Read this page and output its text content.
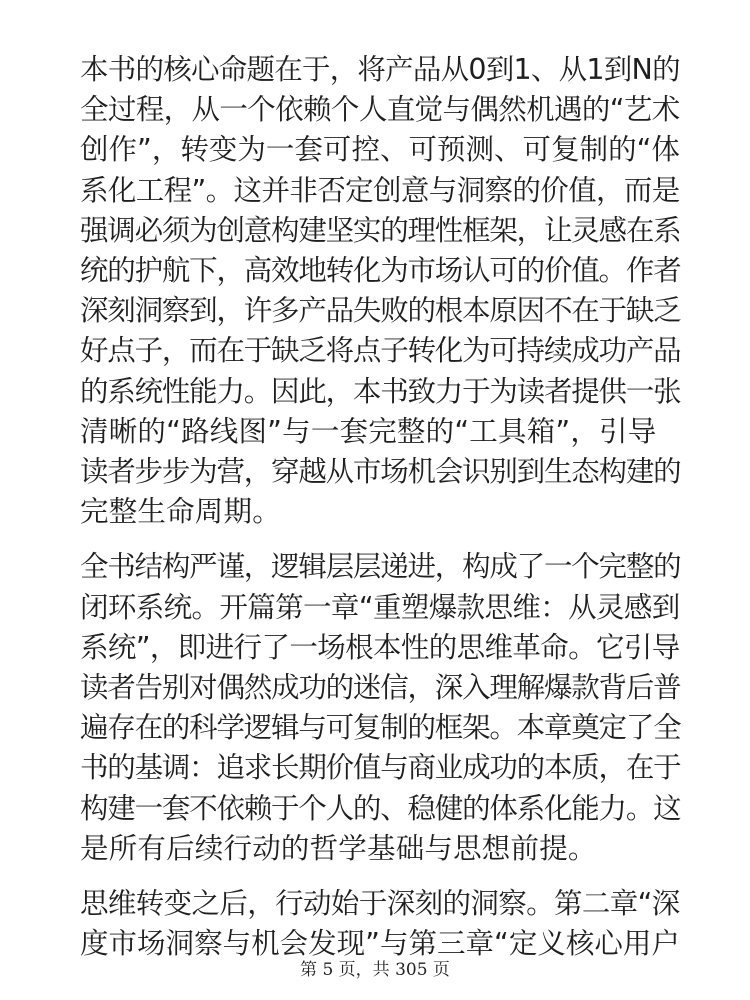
本书的核心命题在于，将产品从0到1、从1到N的
全过程，从一个依赖个人直觉与偶然机遇的“艺术
创作”，转变为一套可控、可预测、可复制的“体
系化工程”。这并非否定创意与洞察的价值，而是
强调必须为创意构建坚实的理性框架，让灵感在系
统的护航下，高效地转化为市场认可的价值。作者
深刻洞察到，许多产品失败的根本原因不在于缺乏
好点子，而在于缺乏将点子转化为可持续成功产品
的系统性能力。因此，本书致力于为读者提供一张
清晰的“路线图”与一套完整的“工具箱”，引导
读者步步为营，穿越从市场机会识别到生态构建的
完整生命周期。

全书结构严谨，逻辑层层递进，构成了一个完整的
闭环系统。开篇第一章“重塑爆款思维：从灵感到
系统”，即进行了一场根本性的思维革命。它引导
读者告别对偶然成功的迷信，深入理解爆款背后普
遍存在的科学逻辑与可复制的框架。本章奠定了全
书的基调：追求长期价值与商业成功的本质，在于
构建一套不依赖于个人的、稳健的体系化能力。这
是所有后续行动的哲学基础与思想前提。

思维转变之后，行动始于深刻的洞察。第二章“深
度市场洞察与机会发现”与第三章“定义核心用户

第 5 页，共 305 页
